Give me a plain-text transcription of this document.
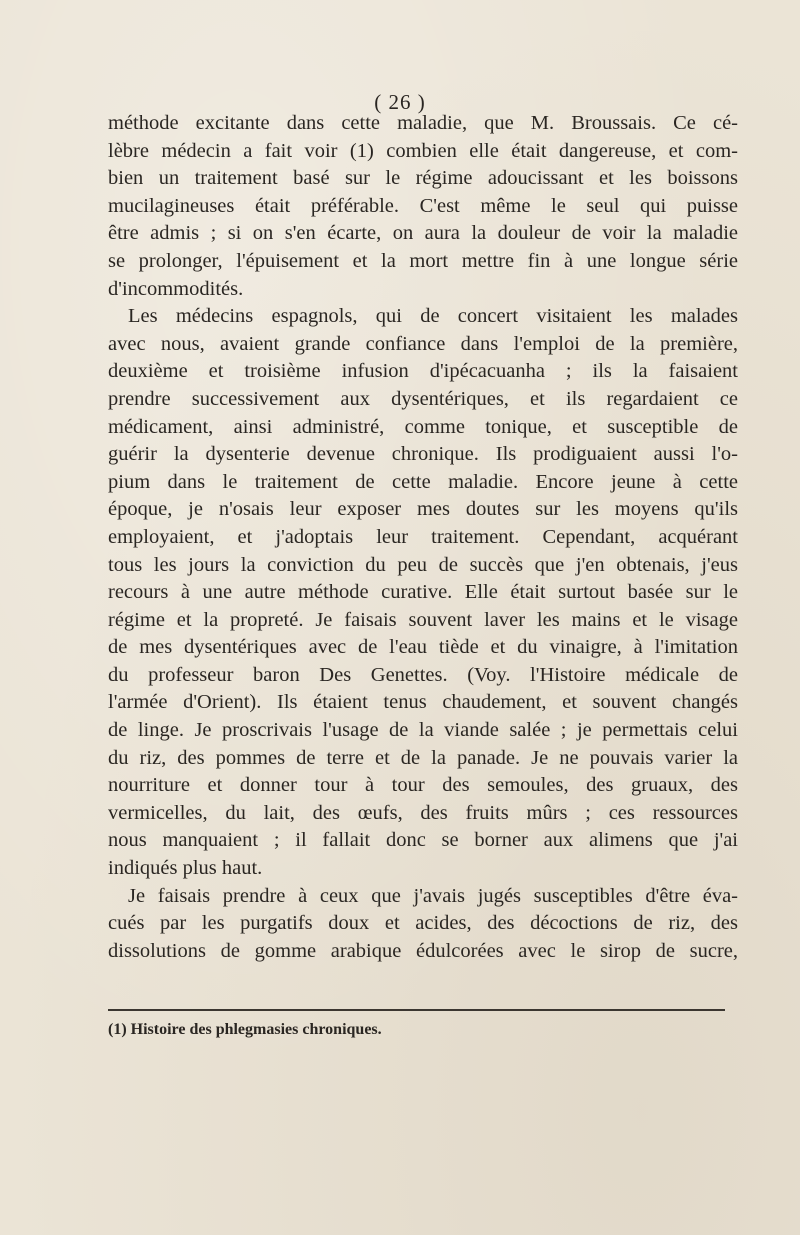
( 26 )
méthode excitante dans cette maladie, que M. Broussais. Ce cé-
lèbre médecin a fait voir (1) combien elle était dangereuse, et com-
bien un traitement basé sur le régime adoucissant et les boissons
mucilagineuses était préférable. C'est même le seul qui puisse
être admis ; si on s'en écarte, on aura la douleur de voir la maladie
se prolonger, l'épuisement et la mort mettre fin à une longue série
d'incommodités.
Les médecins espagnols, qui de concert visitaient les malades
avec nous, avaient grande confiance dans l'emploi de la première,
deuxième et troisième infusion d'ipécacuanha ; ils la faisaient
prendre successivement aux dysentériques, et ils regardaient ce
médicament, ainsi administré, comme tonique, et susceptible de
guérir la dysenterie devenue chronique. Ils prodiguaient aussi l'o-
pium dans le traitement de cette maladie. Encore jeune à cette
époque, je n'osais leur exposer mes doutes sur les moyens qu'ils
employaient, et j'adoptais leur traitement. Cependant, acquérant
tous les jours la conviction du peu de succès que j'en obtenais, j'eus
recours à une autre méthode curative. Elle était surtout basée sur le
régime et la propreté. Je faisais souvent laver les mains et le visage
de mes dysentériques avec de l'eau tiède et du vinaigre, à l'imitation
du professeur baron Des Genettes. (Voy. l'Histoire médicale de
l'armée d'Orient). Ils étaient tenus chaudement, et souvent changés
de linge. Je proscrivais l'usage de la viande salée ; je permettais celui
du riz, des pommes de terre et de la panade. Je ne pouvais varier la
nourriture et donner tour à tour des semoules, des gruaux, des
vermicelles, du lait, des œufs, des fruits mûrs ; ces ressources
nous manquaient ; il fallait donc se borner aux alimens que j'ai
indiqués plus haut.
Je faisais prendre à ceux que j'avais jugés susceptibles d'être éva-
cués par les purgatifs doux et acides, des décoctions de riz, des
dissolutions de gomme arabique édulcorées avec le sirop de sucre,
(1) Histoire des phlegmasies chroniques.
